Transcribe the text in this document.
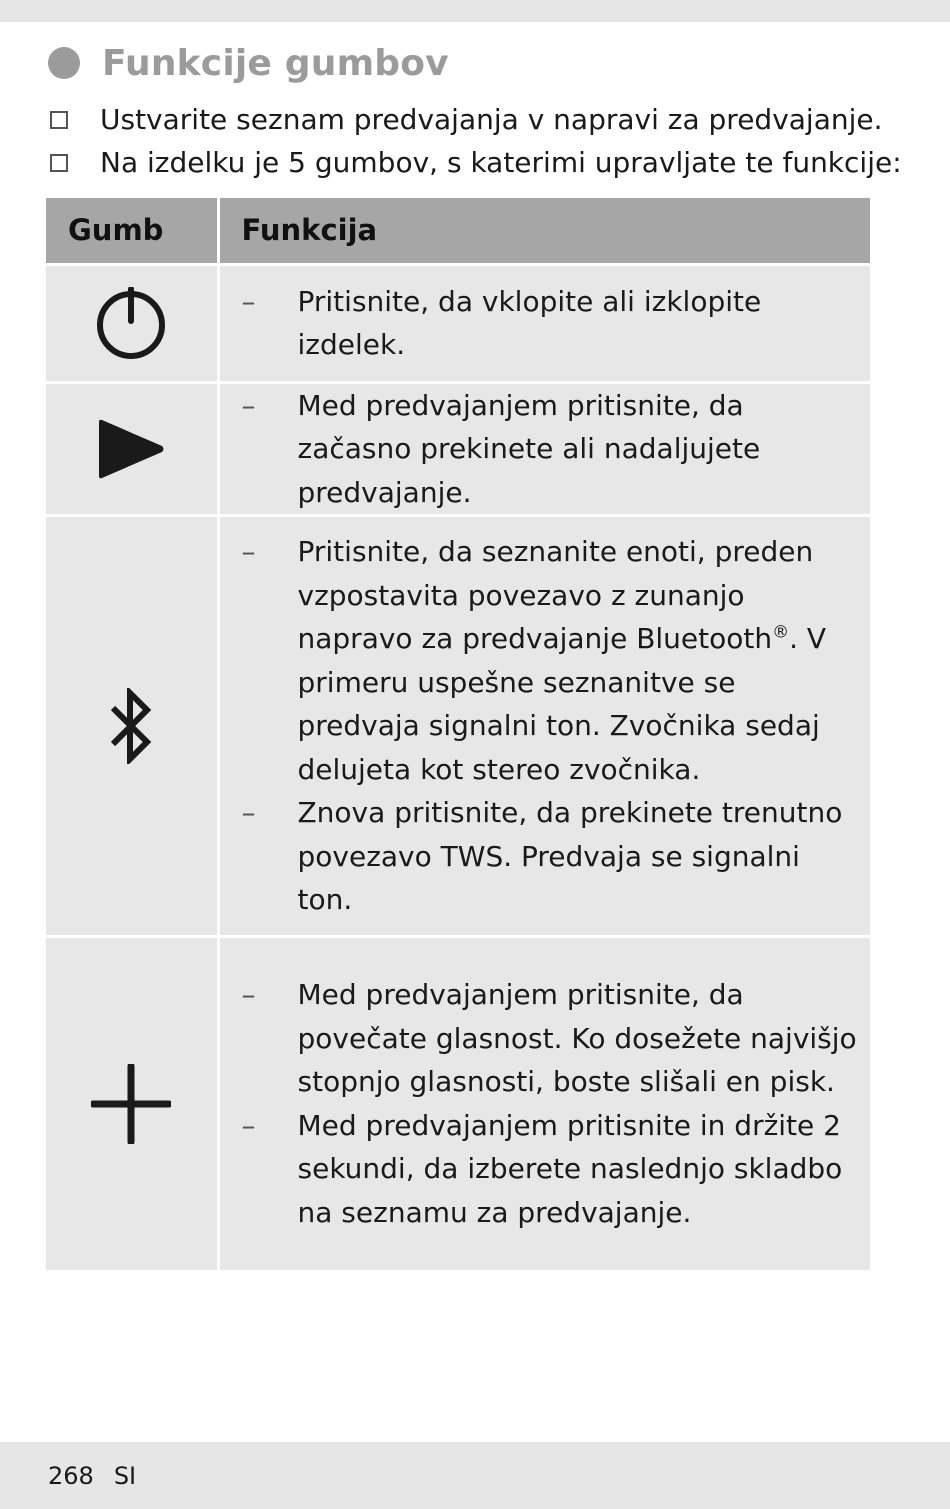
Funkcije gumbov
Ustvarite seznam predvajanja v napravi za predvajanje.
Na izdelku je 5 gumbov, s katerimi upravljate te funkcije:
Gumb	Funkcija

– Pritisnite, da vklopite ali izklopite izdelek.

– Med predvajanjem pritisnite, da začasno prekinete ali nadaljujete predvajanje.

– Pritisnite, da seznanite enoti, preden vzpostavita povezavo z zunanjo napravo za predvajanje Bluetooth®. V primeru uspešne seznanitve se predvaja signalni ton. Zvočnika sedaj delujeta kot stereo zvočnika.
– Znova pritisnite, da prekinete trenutno povezavo TWS. Predvaja se signalni ton.

– Med predvajanjem pritisnite, da povečate glasnost. Ko dosežete najvišjo stopnjo glasnosti, boste slišali en pisk.
– Med predvajanjem pritisnite in držite 2 sekundi, da izberete naslednjo skladbo na seznamu za predvajanje.
268 SI
